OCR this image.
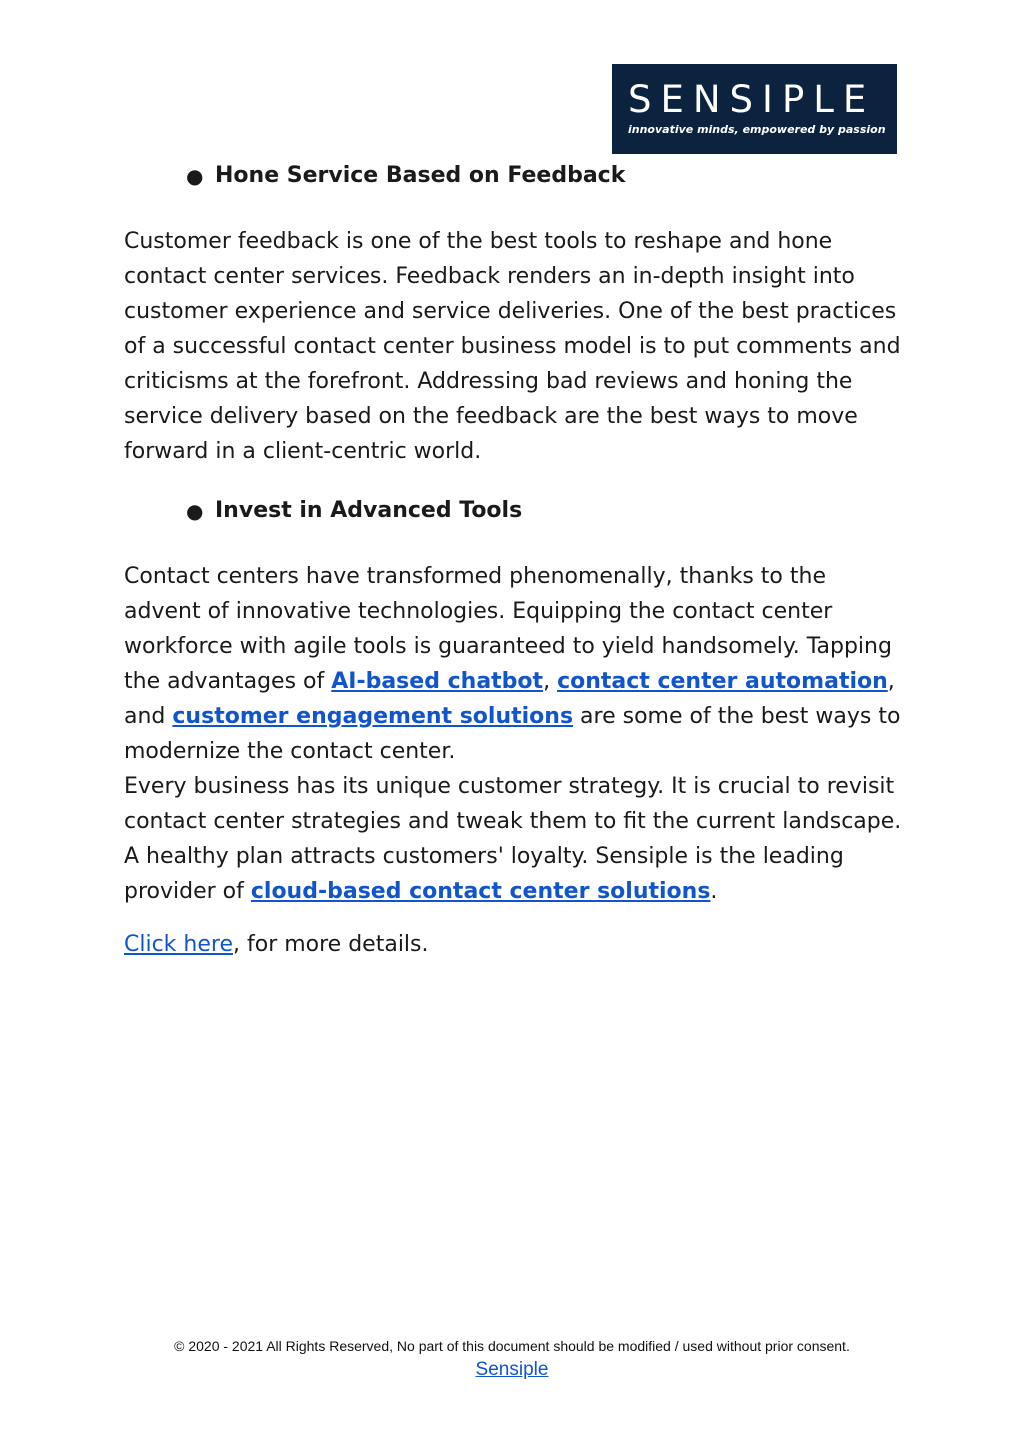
SENSIPLE
innovative minds, empowered by passion
● Hone Service Based on Feedback

Customer feedback is one of the best tools to reshape and hone contact center services. Feedback renders an in-depth insight into customer experience and service deliveries. One of the best practices of a successful contact center business model is to put comments and criticisms at the forefront. Addressing bad reviews and honing the service delivery based on the feedback are the best ways to move forward in a client-centric world.

● Invest in Advanced Tools

Contact centers have transformed phenomenally, thanks to the advent of innovative technologies. Equipping the contact center workforce with agile tools is guaranteed to yield handsomely. Tapping the advantages of AI-based chatbot, contact center automation, and customer engagement solutions are some of the best ways to modernize the contact center.

Every business has its unique customer strategy. It is crucial to revisit contact center strategies and tweak them to fit the current landscape. A healthy plan attracts customers' loyalty. Sensiple is the leading provider of cloud-based contact center solutions.

Click here, for more details.

© 2020 - 2021 All Rights Reserved, No part of this document should be modified / used without prior consent.
Sensiple
